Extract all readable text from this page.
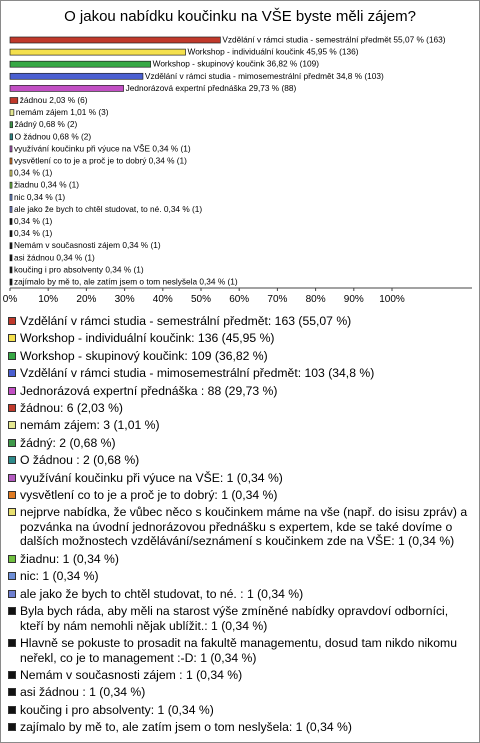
O jakou nabídku koučinku na VŠE byste měli zájem?
Vzdělání v rámci studia - semestrální předmět 55,07 % (163)
Workshop - individuální koučink 45,95 % (136)
Workshop - skupinový koučink 36,82 % (109)
Vzdělání v rámci studia - mimosemestrální předmět 34,8 % (103)
Jednorázová expertní přednáška 29,73 % (88)
žádnou 2,03 % (6)
nemám zájem 1,01 % (3)
žádný 0,68 % (2)
O žádnou 0,68 % (2)
využívání koučinku při výuce na VŠE 0,34 % (1)
vysvětlení co to je a proč je to dobrý 0,34 % (1)
0,34 % (1)
žiadnu 0,34 % (1)
nic 0,34 % (1)
ale jako že bych to chtěl studovat, to né. 0,34 % (1)
0,34 % (1)
0,34 % (1)
Nemám v současnosti zájem 0,34 % (1)
asi žádnou 0,34 % (1)
koučing i pro absolventy 0,34 % (1)
zajímalo by mě to, ale zatím jsem o tom neslyšela 0,34 % (1)
0% 10% 20% 30% 40% 50% 60% 70% 80% 90% 100%
Vzdělání v rámci studia - semestrální předmět: 163 (55,07 %)
Workshop - individuální koučink: 136 (45,95 %)
Workshop - skupinový koučink: 109 (36,82 %)
Vzdělání v rámci studia - mimosemestrální předmět: 103 (34,8 %)
Jednorázová expertní přednáška : 88 (29,73 %)
žádnou: 6 (2,03 %)
nemám zájem: 3 (1,01 %)
žádný: 2 (0,68 %)
O žádnou : 2 (0,68 %)
využívání koučinku při výuce na VŠE: 1 (0,34 %)
vysvětlení co to je a proč je to dobrý: 1 (0,34 %)
nejprve nabídka, že vůbec něco s koučinkem máme na vše (např. do isisu zpráv) a pozvánka na úvodní jednorázovou přednášku s expertem, kde se také dovíme o dalších možnostech vzdělávání/seznámení s koučinkem zde na VŠE: 1 (0,34 %)
žiadnu: 1 (0,34 %)
nic: 1 (0,34 %)
ale jako že bych to chtěl studovat, to né. : 1 (0,34 %)
Byla bych ráda, aby měli na starost výše zmíněné nabídky opravdoví odborníci, kteří by nám nemohli nějak ublížit.: 1 (0,34 %)
Hlavně se pokuste to prosadit na fakultě managementu, dosud tam nikdo nikomu neřekl, co je to management :-D: 1 (0,34 %)
Nemám v současnosti zájem : 1 (0,34 %)
asi žádnou : 1 (0,34 %)
koučing i pro absolventy: 1 (0,34 %)
zajímalo by mě to, ale zatím jsem o tom neslyšela: 1 (0,34 %)
